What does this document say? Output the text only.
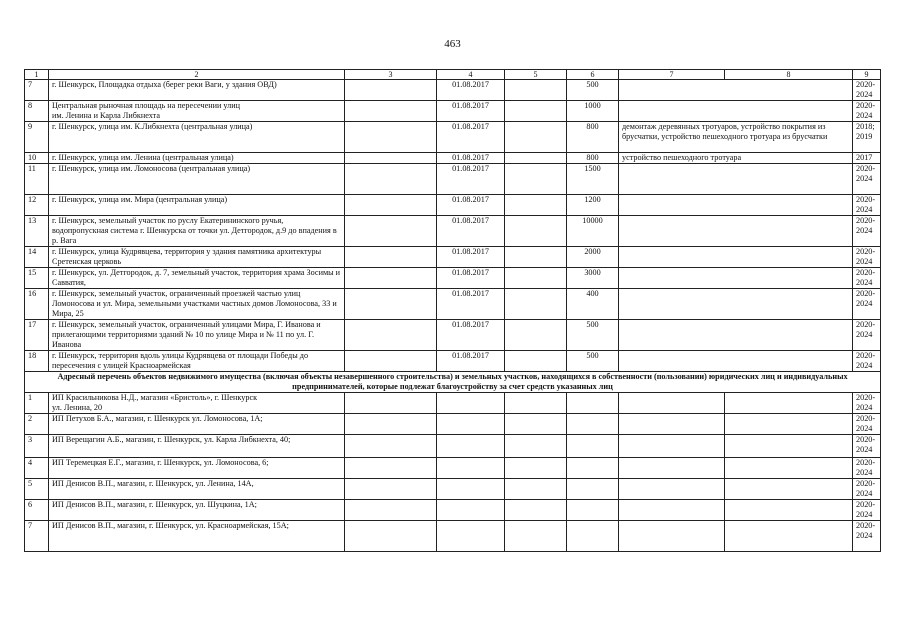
463
1	2	3	4	5	6	7	8	9
7	г. Шенкурск, Площадка отдыха (берег реки Ваги, у здания ОВД)		01.08.2017		500			2020-
2024
8	Центральная рыночная площадь на пересечении улиц
им. Ленина и Карла Либкнехта		01.08.2017		1000			2020-
2024
9	г. Шенкурск, улица им. К.Либкнехта (центральная улица)		01.08.2017		800	демонтаж деревянных тротуаров, устройство покрытия из брусчатки, устройство пешеходного тротуара из брусчатки		2018;
2019
10	г. Шенкурск, улица им. Ленина (центральная улица)		01.08.2017		800	устройство пешеходного тротуара		2017
11	г. Шенкурск, улица им. Ломоносова (центральная улица)		01.08.2017		1500			2020-
2024
12	г. Шенкурск, улица им. Мира (центральная улица)		01.08.2017		1200			2020-
2024
13	г. Шенкурск, земельный участок по руслу Екатерининского ручья, водопропускная система г. Шенкурска от точки ул. Детгородок, д.9 до впадения в р. Вага		01.08.2017		10000			2020-
2024
14	г. Шенкурск, улица Кудрявцева, территория у здания памятника архитектуры Сретенская церковь		01.08.2017		2000			2020-
2024
15	г. Шенкурск, ул. Детгородок, д. 7, земельный участок, территория храма Зосимы и Савватия,		01.08.2017		3000			2020-
2024
16	г. Шенкурск, земельный участок, ограниченный проезжей частью улиц Ломоносова и ул. Мира, земельными участками частных домов Ломоносова, 33 и Мира, 25		01.08.2017		400			2020-
2024
17	г. Шенкурск, земельный участок, ограниченный улицами Мира, Г. Иванова и прилегающими территориями зданий № 10 по улице Мира и № 11 по ул. Г. Иванова		01.08.2017		500			2020-
2024
18	г. Шенкурск, территория вдоль улицы Кудрявцева от площади Победы до пересечения с улицей Красноармейская		01.08.2017		500			2020-
2024
Адресный перечень объектов недвижимого имущества (включая объекты незавершенного строительства) и земельных участков, находящихся в собственности (пользовании) юридических лиц и индивидуальных предпринимателей, которые подлежат благоустройству за счет средств указанных лиц								
1	ИП Красильникова Н.Д., магазин «Бристоль», г. Шенкурск
ул. Ленина, 20							2020-
2024
2	ИП Петухов Б.А., магазин, г. Шенкурск ул. Ломоносова, 1А;							2020-
2024
3	ИП Верещагин А.Б., магазин, г. Шенкурск, ул. Карла Либкнехта, 40;							2020-
2024
4	ИП Теремецкая Е.Г., магазин, г. Шенкурск, ул. Ломоносова, 6;							2020-
2024
5	ИП Денисов В.П., магазин, г. Шенкурск, ул. Ленина, 14А,							2020-
2024
6	ИП Денисов В.П., магазин, г. Шенкурск, ул. Шуцкина, 1А;							2020-
2024
7	ИП Денисов В.П., магазин, г. Шенкурск, ул. Красноармейская, 15А;							2020-
2024
